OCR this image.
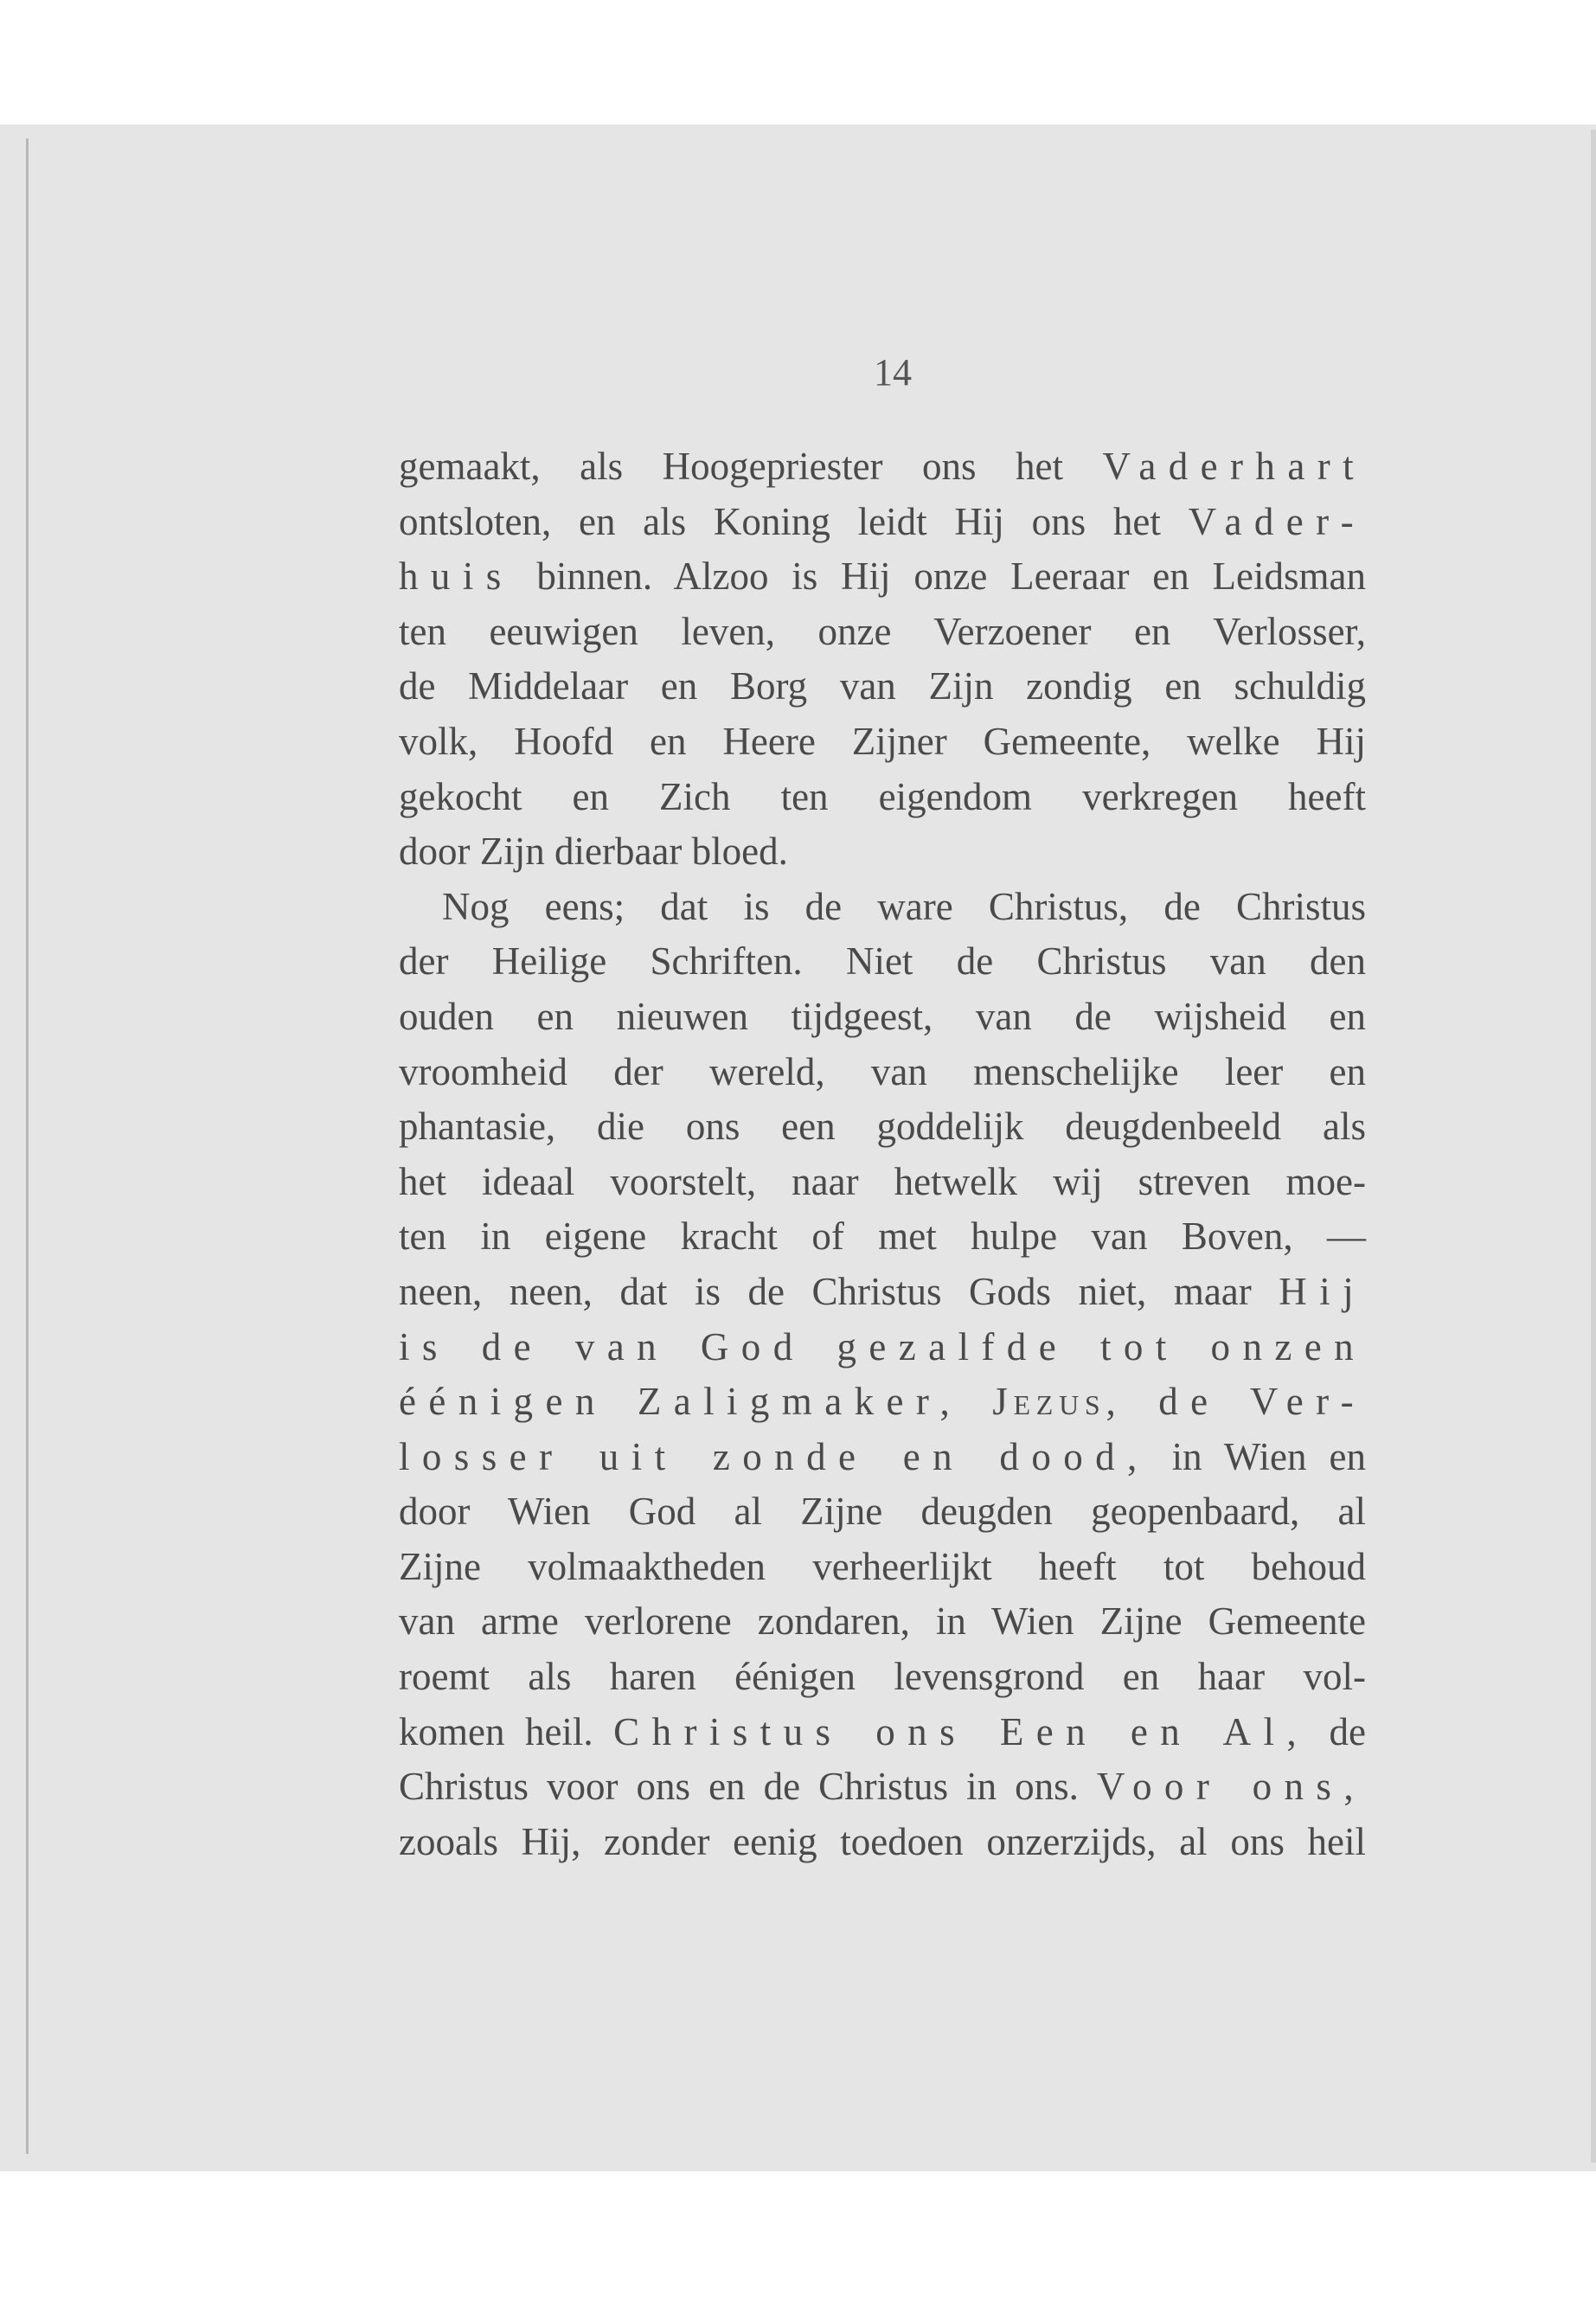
14
gemaakt, als Hoogepriester ons het Vaderhart
ontsloten, en als Koning leidt Hij ons het Vader-
huis binnen. Alzoo is Hij onze Leeraar en Leidsman
ten eeuwigen leven, onze Verzoener en Verlosser,
de Middelaar en Borg van Zijn zondig en schuldig
volk, Hoofd en Heere Zijner Gemeente, welke Hij
gekocht en Zich ten eigendom verkregen heeft
door Zijn dierbaar bloed.
Nog eens; dat is de ware Christus, de Christus
der Heilige Schriften. Niet de Christus van den
ouden en nieuwen tijdgeest, van de wijsheid en
vroomheid der wereld, van menschelijke leer en
phantasie, die ons een goddelijk deugdenbeeld als
het ideaal voorstelt, naar hetwelk wij streven moe-
ten in eigene kracht of met hulpe van Boven, —
neen, neen, dat is de Christus Gods niet, maar Hij
is de van God gezalfde tot onzen
éénigen Zaligmaker, Jezus, de Ver-
losser uit zonde en dood, in Wien en
door Wien God al Zijne deugden geopenbaard, al
Zijne volmaaktheden verheerlijkt heeft tot behoud
van arme verlorene zondaren, in Wien Zijne Gemeente
roemt als haren éénigen levensgrond en haar vol-
komen heil. Christus ons Een en Al, de
Christus voor ons en de Christus in ons. Voor ons,
zooals Hij, zonder eenig toedoen onzerzijds, al ons heil
